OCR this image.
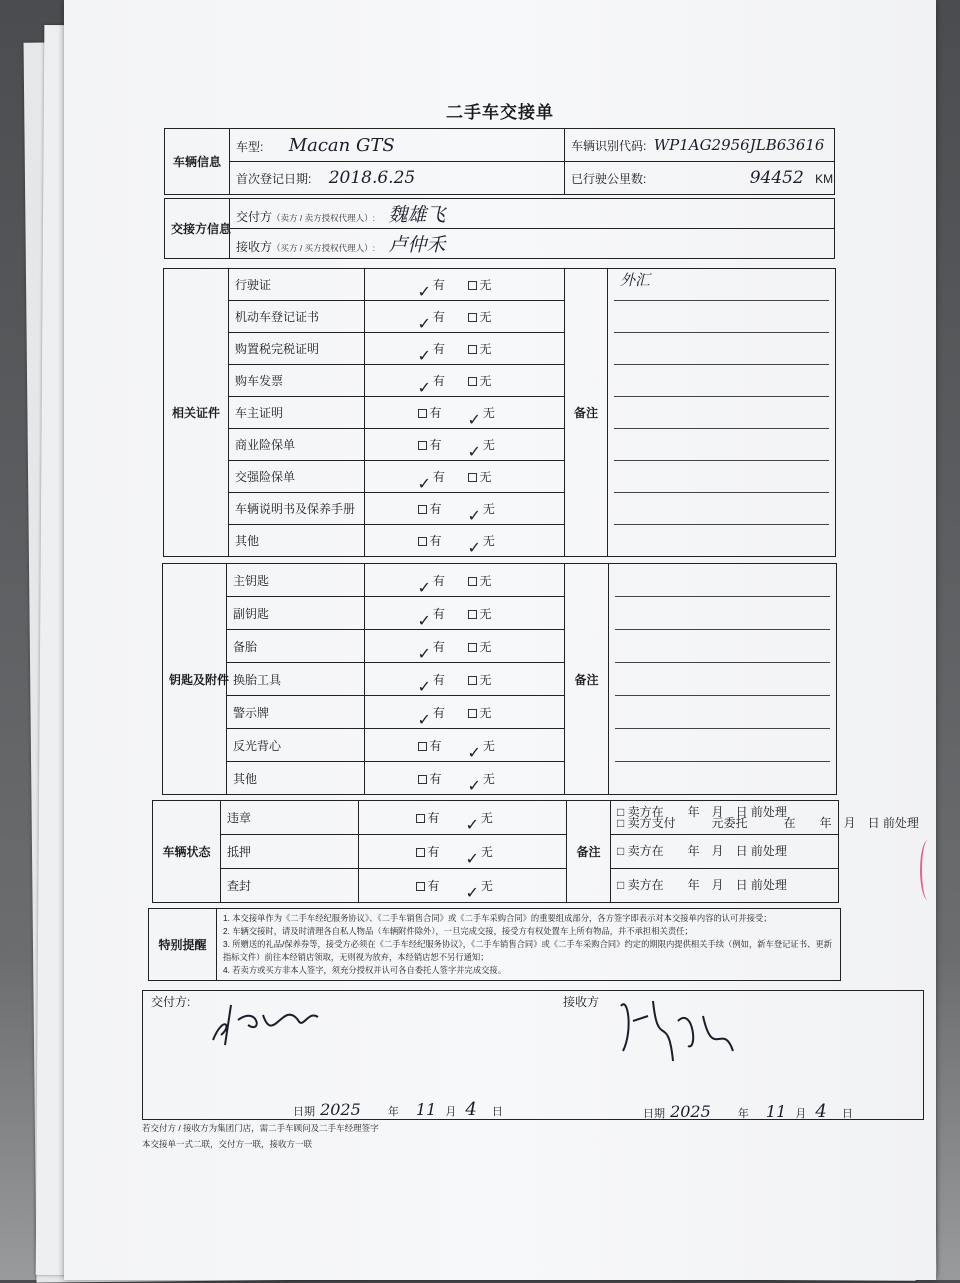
二手车交接单
车辆信息	车型: Macan GTS	车辆识别代码: WP1AG2956JLB63616
	首次登记日期: 2018.6.25	已行驶公里数: 94452 KM
交接方信息	交付方（卖方 / 卖方授权代理人）: 魏雄飞
接收方（买方 / 买方授权代理人）: 卢仲禾
相关证件	行驶证	✓ 有 无	备注	外汇

	机动车登记证书	✓ 有 无		
	购置税完税证明	✓ 有 无		
	购车发票	✓ 有 无		
	车主证明	有 ✓ 无		
	商业险保单	有 ✓ 无		
	交强险保单	✓ 有 无		
	车辆说明书及保养手册	有 ✓ 无		
	其他	有 ✓ 无		
钥匙及附件	主钥匙	✓ 有 无	备注	

	副钥匙	✓ 有 无		
	备胎	✓ 有 无		
	换胎工具	✓ 有 无		
	警示牌	✓ 有 无		
	反光背心	有 ✓ 无		
	其他	有 ✓ 无		
车辆状态	违章	有 ✓ 无	备注	□ 卖方在　　年　月　日 前处理
□ 卖方支付　　　元委托　　　在　　年　月　日 前处理

	抵押	有 ✓ 无		□ 卖方在　　年　月　日 前处理

	查封	有 ✓ 无		□ 卖方在　　年　月　日 前处理
特别提醒	
1. 本交接单作为《二手车经纪服务协议》、《二手车销售合同》或《二手车采购合同》的重要组成部分，各方签字即表示对本交接单内容的认可并接受；
2. 车辆交接时，请及时清理各自私人物品（车辆附件除外），一旦完成交接，接受方有权处置车上所有物品，并不承担相关责任；
3. 所赠送的礼品/保养券等，接受方必须在《二手车经纪服务协议》，《二手车销售合同》或《二手车采购合同》约定的期限内提供相关手续（例如，新车登记证书、更新指标文件）前往本经销店领取，无则视为放弃，本经销店恕不另行通知；
4. 若卖方或买方非本人签字，须充分授权并认可各自委托人签字并完成交接。
交付方:	接收方
日期 2025 年 11 月 4 日	日期 2025 年 11 月 4 日
若交付方 / 接收方为集团门店，需二手车顾问及二手车经理签字
本交接单一式二联，交付方一联，接收方一联
